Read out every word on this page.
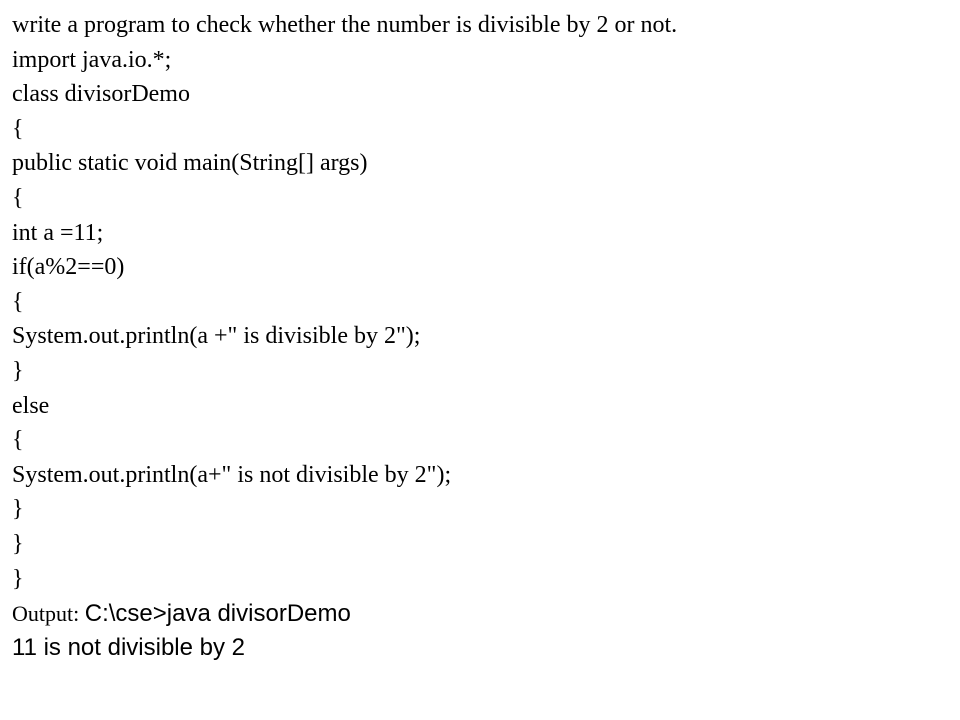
write a program to check whether the number is divisible by 2 or not.
import java.io.*;
class divisorDemo
{
public static void main(String[] args)
{
int a =11;
if(a%2==0)
{
System.out.println(a +" is divisible by 2");
}
else
{
System.out.println(a+" is not divisible by 2");
}
}
}
Output: C:\cse>java divisorDemo
11 is not divisible by 2
